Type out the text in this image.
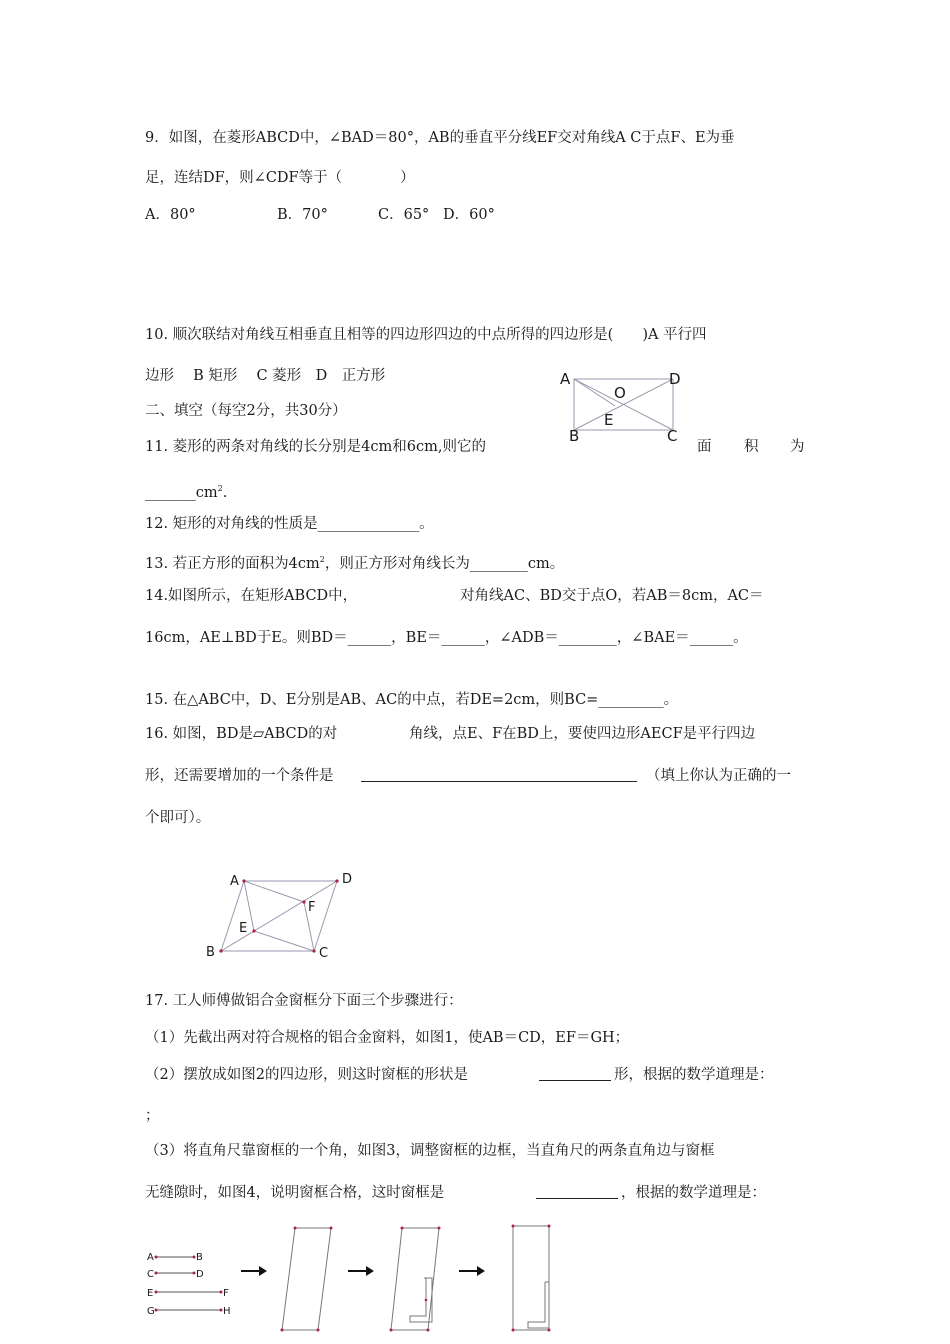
9．如图，在菱形ABCD中，∠BAD＝80°，AB的垂直平分线EF交对角线A C于点F、E为垂
足，连结DF，则∠CDF等于（　　　　）
A．80°	B．70°	C．65° D．60°
10. 顺次联结对角线互相垂直且相等的四边形四边的中点所得的四边形是(　　)A 平行四
边形　 B 矩形　 C 菱形　D　正方形
二、填空（每空2分，共30分）
A	D
O
E
B	C
11. 菱形的两条对角线的长分别是4cm和6cm,则它的	面 积 为
$\_\_\_\_\_\_\_cm^2$.
12. 矩形的对角线的性质是______________。
13. 若正方形的面积为$4cm^2$，则正方形对角线长为________cm。
14.如图所示，在矩形ABCD中，	对角线AC、BD交于点O，若AB＝8cm，AC＝
16cm，AE⊥BD于E。则BD＝______，BE＝______，∠ADB＝________，∠BAE＝______。
15. 在△ABC中，D、E分别是AB、AC的中点，若DE=2cm，则BC=_________。
16. 如图，BD是▱ABCD的对	角线，点E、F在BD上，要使四边形AECF是平行四边
形，还需要增加的一个条件是	（填上你认为正确的一
个即可）。
A	D
F
E
B	C
17. 工人师傅做铝合金窗框分下面三个步骤进行：
（1）先截出两对符合规格的铝合金窗料，如图1，使AB＝CD，EF＝GH；
（2）摆放成如图2的四边形，则这时窗框的形状是	形，根据的数学道理是：
；
（3）将直角尺靠窗框的一个角，如图3，调整窗框的边框，当直角尺的两条直角边与窗框
无缝隙时，如图4，说明窗框合格，这时窗框是	，根据的数学道理是：
A	B
C	D
E	F
G	H
